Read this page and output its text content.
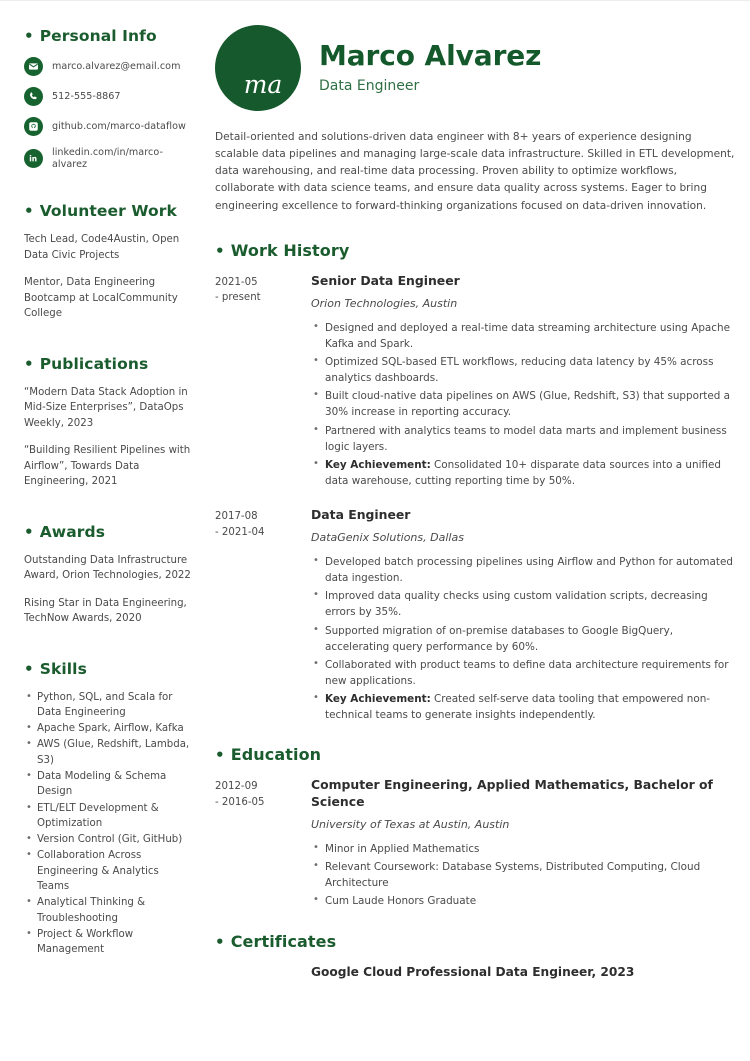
• Personal Info
marco.alvarez@email.com
512-555-8867
github.com/marco-dataflow
linkedin.com/in/marco-alvarez
• Volunteer Work

Tech Lead, Code4Austin, Open Data Civic Projects

Mentor, Data Engineering Bootcamp at LocalCommunity College

• Publications

“Modern Data Stack Adoption in Mid-Size Enterprises”, DataOps Weekly, 2023

“Building Resilient Pipelines with Airflow”, Towards Data Engineering, 2021

• Awards

Outstanding Data Infrastructure Award, Orion Technologies, 2022

Rising Star in Data Engineering, TechNow Awards, 2020

• Skills
• Python, SQL, and Scala for Data Engineering
• Apache Spark, Airflow, Kafka
• AWS (Glue, Redshift, Lambda, S3)
• Data Modeling & Schema Design
• ETL/ELT Development & Optimization
• Version Control (Git, GitHub)
• Collaboration Across Engineering & Analytics Teams
• Analytical Thinking & Troubleshooting
• Project & Workflow Management
ma
Marco Alvarez
Data Engineer

Detail-oriented and solutions-driven data engineer with 8+ years of experience designing scalable data pipelines and managing large-scale data infrastructure. Skilled in ETL development, data warehousing, and real-time data processing. Proven ability to optimize workflows, collaborate with data science teams, and ensure data quality across systems. Eager to bring engineering excellence to forward-thinking organizations focused on data-driven innovation.

• Work History
2021-05
- present
Senior Data Engineer
Orion Technologies, Austin
• Designed and deployed a real-time data streaming architecture using Apache Kafka and Spark.
• Optimized SQL-based ETL workflows, reducing data latency by 45% across analytics dashboards.
• Built cloud-native data pipelines on AWS (Glue, Redshift, S3) that supported a 30% increase in reporting accuracy.
• Partnered with analytics teams to model data marts and implement business logic layers.
• Key Achievement: Consolidated 10+ disparate data sources into a unified data warehouse, cutting reporting time by 50%.
2017-08
- 2021-04
Data Engineer
DataGenix Solutions, Dallas
• Developed batch processing pipelines using Airflow and Python for automated data ingestion.
• Improved data quality checks using custom validation scripts, decreasing errors by 35%.
• Supported migration of on-premise databases to Google BigQuery, accelerating query performance by 60%.
• Collaborated with product teams to define data architecture requirements for new applications.
• Key Achievement: Created self-serve data tooling that empowered non-technical teams to generate insights independently.
• Education
2012-09
- 2016-05
Computer Engineering, Applied Mathematics, Bachelor of Science
University of Texas at Austin, Austin
• Minor in Applied Mathematics
• Relevant Coursework: Database Systems, Distributed Computing, Cloud Architecture
• Cum Laude Honors Graduate
• Certificates
Google Cloud Professional Data Engineer, 2023
